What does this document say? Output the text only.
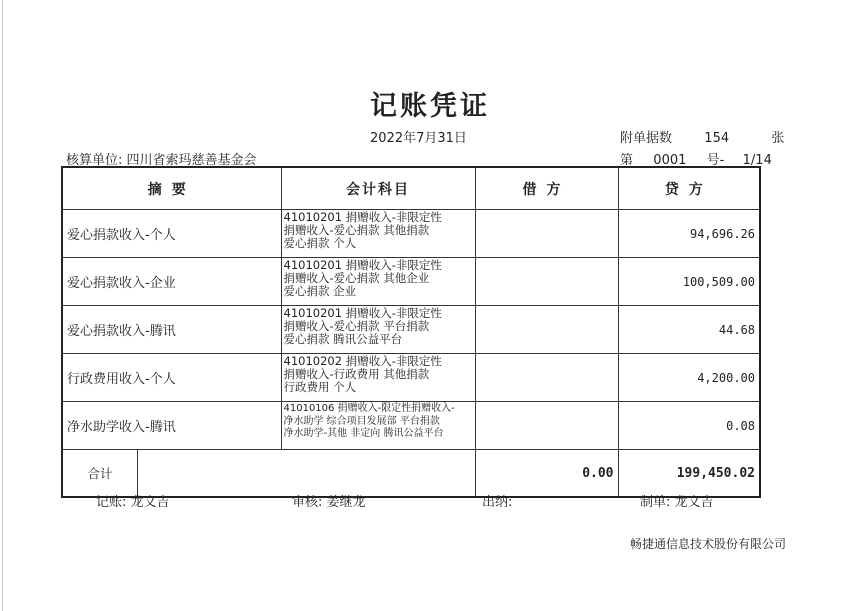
记账凭证
2022年7月31日	附单据数 154	张
核算单位: 四川省索玛慈善基金会	第 0001 号- 1/14
摘要	会计科目	借方	贷方
爱心捐款收入-个人	41010201 捐赠收入-非限定性
捐赠收入-爱心捐款 其他捐款
爱心捐款 个人		94,696.26
爱心捐款收入-企业	41010201 捐赠收入-非限定性
捐赠收入-爱心捐款 其他企业
爱心捐款 企业		100,509.00
爱心捐款收入-腾讯	41010201 捐赠收入-非限定性
捐赠收入-爱心捐款 平台捐款
爱心捐款 腾讯公益平台		44.68
行政费用收入-个人	41010202 捐赠收入-非限定性
捐赠收入-行政费用 其他捐款
行政费用 个人		4,200.00
净水助学收入-腾讯	41010106 捐赠收入-限定性捐赠收入-
净水助学 综合项目发展部 平台捐款
净水助学-其他 非定向 腾讯公益平台		0.08

合计		0.00	199,450.02
记账: 龙文吉	审核: 姜继龙	出纳:	制单: 龙文吉
畅捷通信息技术股份有限公司
